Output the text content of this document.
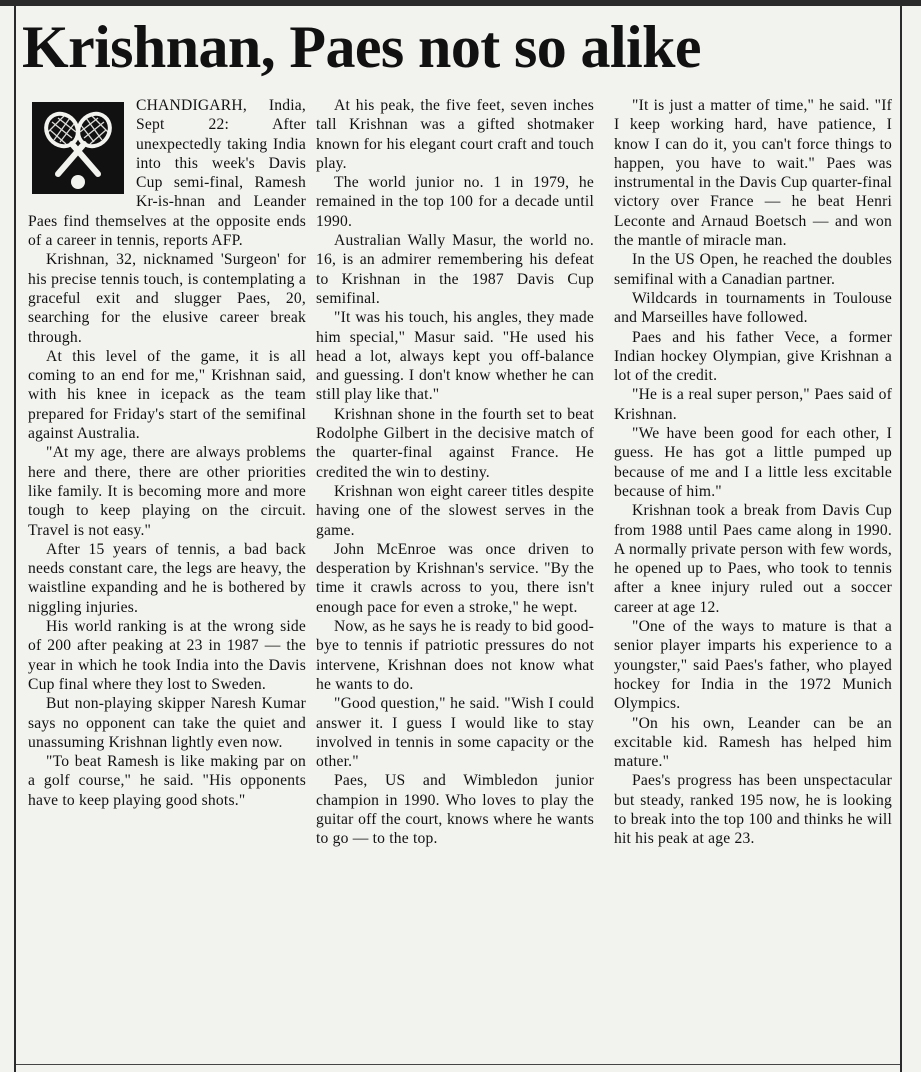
Krishnan, Paes not so alike

CHANDIGARH, India, Sept 22: After unexpectedly taking India into this week's Davis Cup semi-final, Ramesh Kr-is-hnan and Leander Paes find themselves at the opposite ends of a career in tennis, reports AFP.

Krishnan, 32, nicknamed 'Surgeon' for his precise tennis touch, is contemplating a graceful exit and slugger Paes, 20, searching for the elusive career break through.

At this level of the game, it is all coming to an end for me," Krishnan said, with his knee in icepack as the team prepared for Friday's start of the semifinal against Australia.

"At my age, there are always problems here and there, there are other priorities like family. It is becoming more and more tough to keep playing on the circuit. Travel is not easy."

After 15 years of tennis, a bad back needs constant care, the legs are heavy, the waistline expanding and he is bothered by niggling injuries.

His world ranking is at the wrong side of 200 after peaking at 23 in 1987 — the year in which he took India into the Davis Cup final where they lost to Sweden.

But non-playing skipper Naresh Kumar says no opponent can take the quiet and unassuming Krishnan lightly even now.

"To beat Ramesh is like making par on a golf course," he said. "His opponents have to keep playing good shots."

At his peak, the five feet, seven inches tall Krishnan was a gifted shotmaker known for his elegant court craft and touch play.

The world junior no. 1 in 1979, he remained in the top 100 for a decade until 1990.

Australian Wally Masur, the world no. 16, is an admirer remembering his defeat to Krishnan in the 1987 Davis Cup semifinal.

"It was his touch, his angles, they made him special," Masur said. "He used his head a lot, always kept you off-balance and guessing. I don't know whether he can still play like that."

Krishnan shone in the fourth set to beat Rodolphe Gilbert in the decisive match of the quarter-final against France. He credited the win to destiny.

Krishnan won eight career titles despite having one of the slowest serves in the game.

John McEnroe was once driven to desperation by Krishnan's service. "By the time it crawls across to you, there isn't enough pace for even a stroke," he wept.

Now, as he says he is ready to bid good-bye to tennis if patriotic pressures do not intervene, Krishnan does not know what he wants to do.

"Good question," he said. "Wish I could answer it. I guess I would like to stay involved in tennis in some capacity or the other."

Paes, US and Wimbledon junior champion in 1990. Who loves to play the guitar off the court, knows where he wants to go — to the top.

"It is just a matter of time," he said. "If I keep working hard, have patience, I know I can do it, you can't force things to happen, you have to wait." Paes was instrumental in the Davis Cup quarter-final victory over France — he beat Henri Leconte and Arnaud Boetsch — and won the mantle of miracle man.

In the US Open, he reached the doubles semifinal with a Canadian partner.

Wildcards in tournaments in Toulouse and Marseilles have followed.

Paes and his father Vece, a former Indian hockey Olympian, give Krishnan a lot of the credit.

"He is a real super person," Paes said of Krishnan.

"We have been good for each other, I guess. He has got a little pumped up because of me and I a little less excitable because of him."

Krishnan took a break from Davis Cup from 1988 until Paes came along in 1990. A normally private person with few words, he opened up to Paes, who took to tennis after a knee injury ruled out a soccer career at age 12.

"One of the ways to mature is that a senior player imparts his experience to a youngster," said Paes's father, who played hockey for India in the 1972 Munich Olympics.

"On his own, Leander can be an excitable kid. Ramesh has helped him mature."

Paes's progress has been unspectacular but steady, ranked 195 now, he is looking to break into the top 100 and thinks he will hit his peak at age 23.
